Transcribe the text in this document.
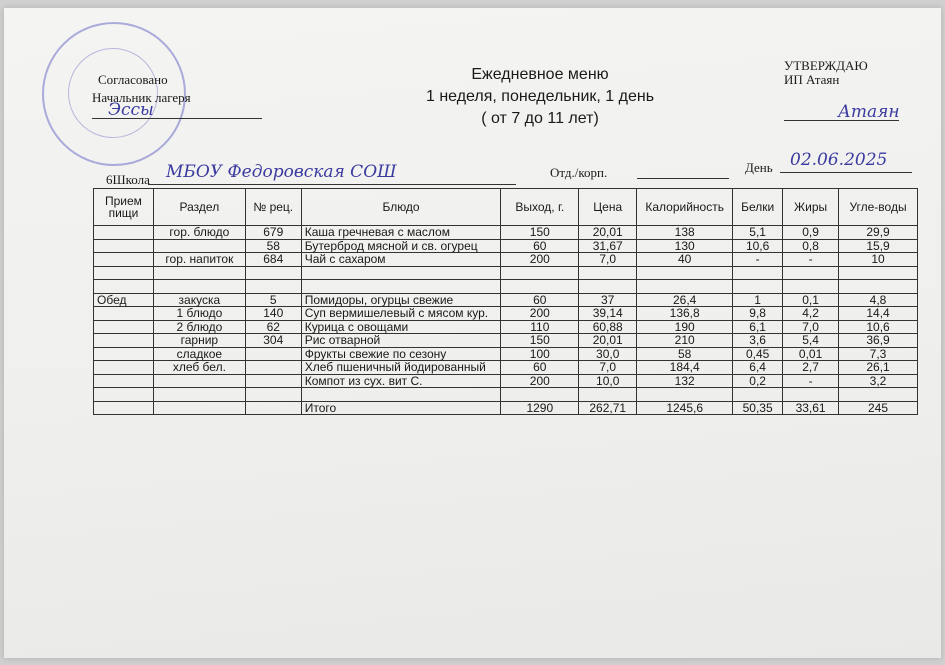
Согласовано
Начальник лагеря
Эссы
Ежедневное меню
1 неделя, понедельник, 1 день
( от 7 до 11 лет)
УТВЕРЖДАЮ
ИП Атаян
Атаян
6Школа МБОУ Федоровская СОШ	Отд./корп.	День 02.06.2025
Прием пищи	Раздел	№ рец.	Блюдо	Выход, г.	Цена	Калорийность	Белки	Жиры	Угле-воды
	гор. блюдо	679	Каша гречневая с маслом	150	20,01	138	5,1	0,9	29,9
		58	Бутерброд мясной и св. огурец	60	31,67	130	10,6	0,8	15,9
	гор. напиток	684	Чай с сахаром	200	7,0	40	-	-	10

Обед	закуска	5	Помидоры, огурцы свежие	60	37	26,4	1	0,1	4,8
	1 блюдо	140	Суп вермишелевый с мясом кур.	200	39,14	136,8	9,8	4,2	14,4
	2 блюдо	62	Курица с овощами	110	60,88	190	6,1	7,0	10,6
	гарнир	304	Рис отварной	150	20,01	210	3,6	5,4	36,9
	сладкое		Фрукты свежие по сезону	100	30,0	58	0,45	0,01	7,3
	хлеб бел.		Хлеб пшеничный йодированный	60	7,0	184,4	6,4	2,7	26,1
			Компот из сух. вит С.	200	10,0	132	0,2	-	3,2

			Итого	1290	262,71	1245,6	50,35	33,61	245
